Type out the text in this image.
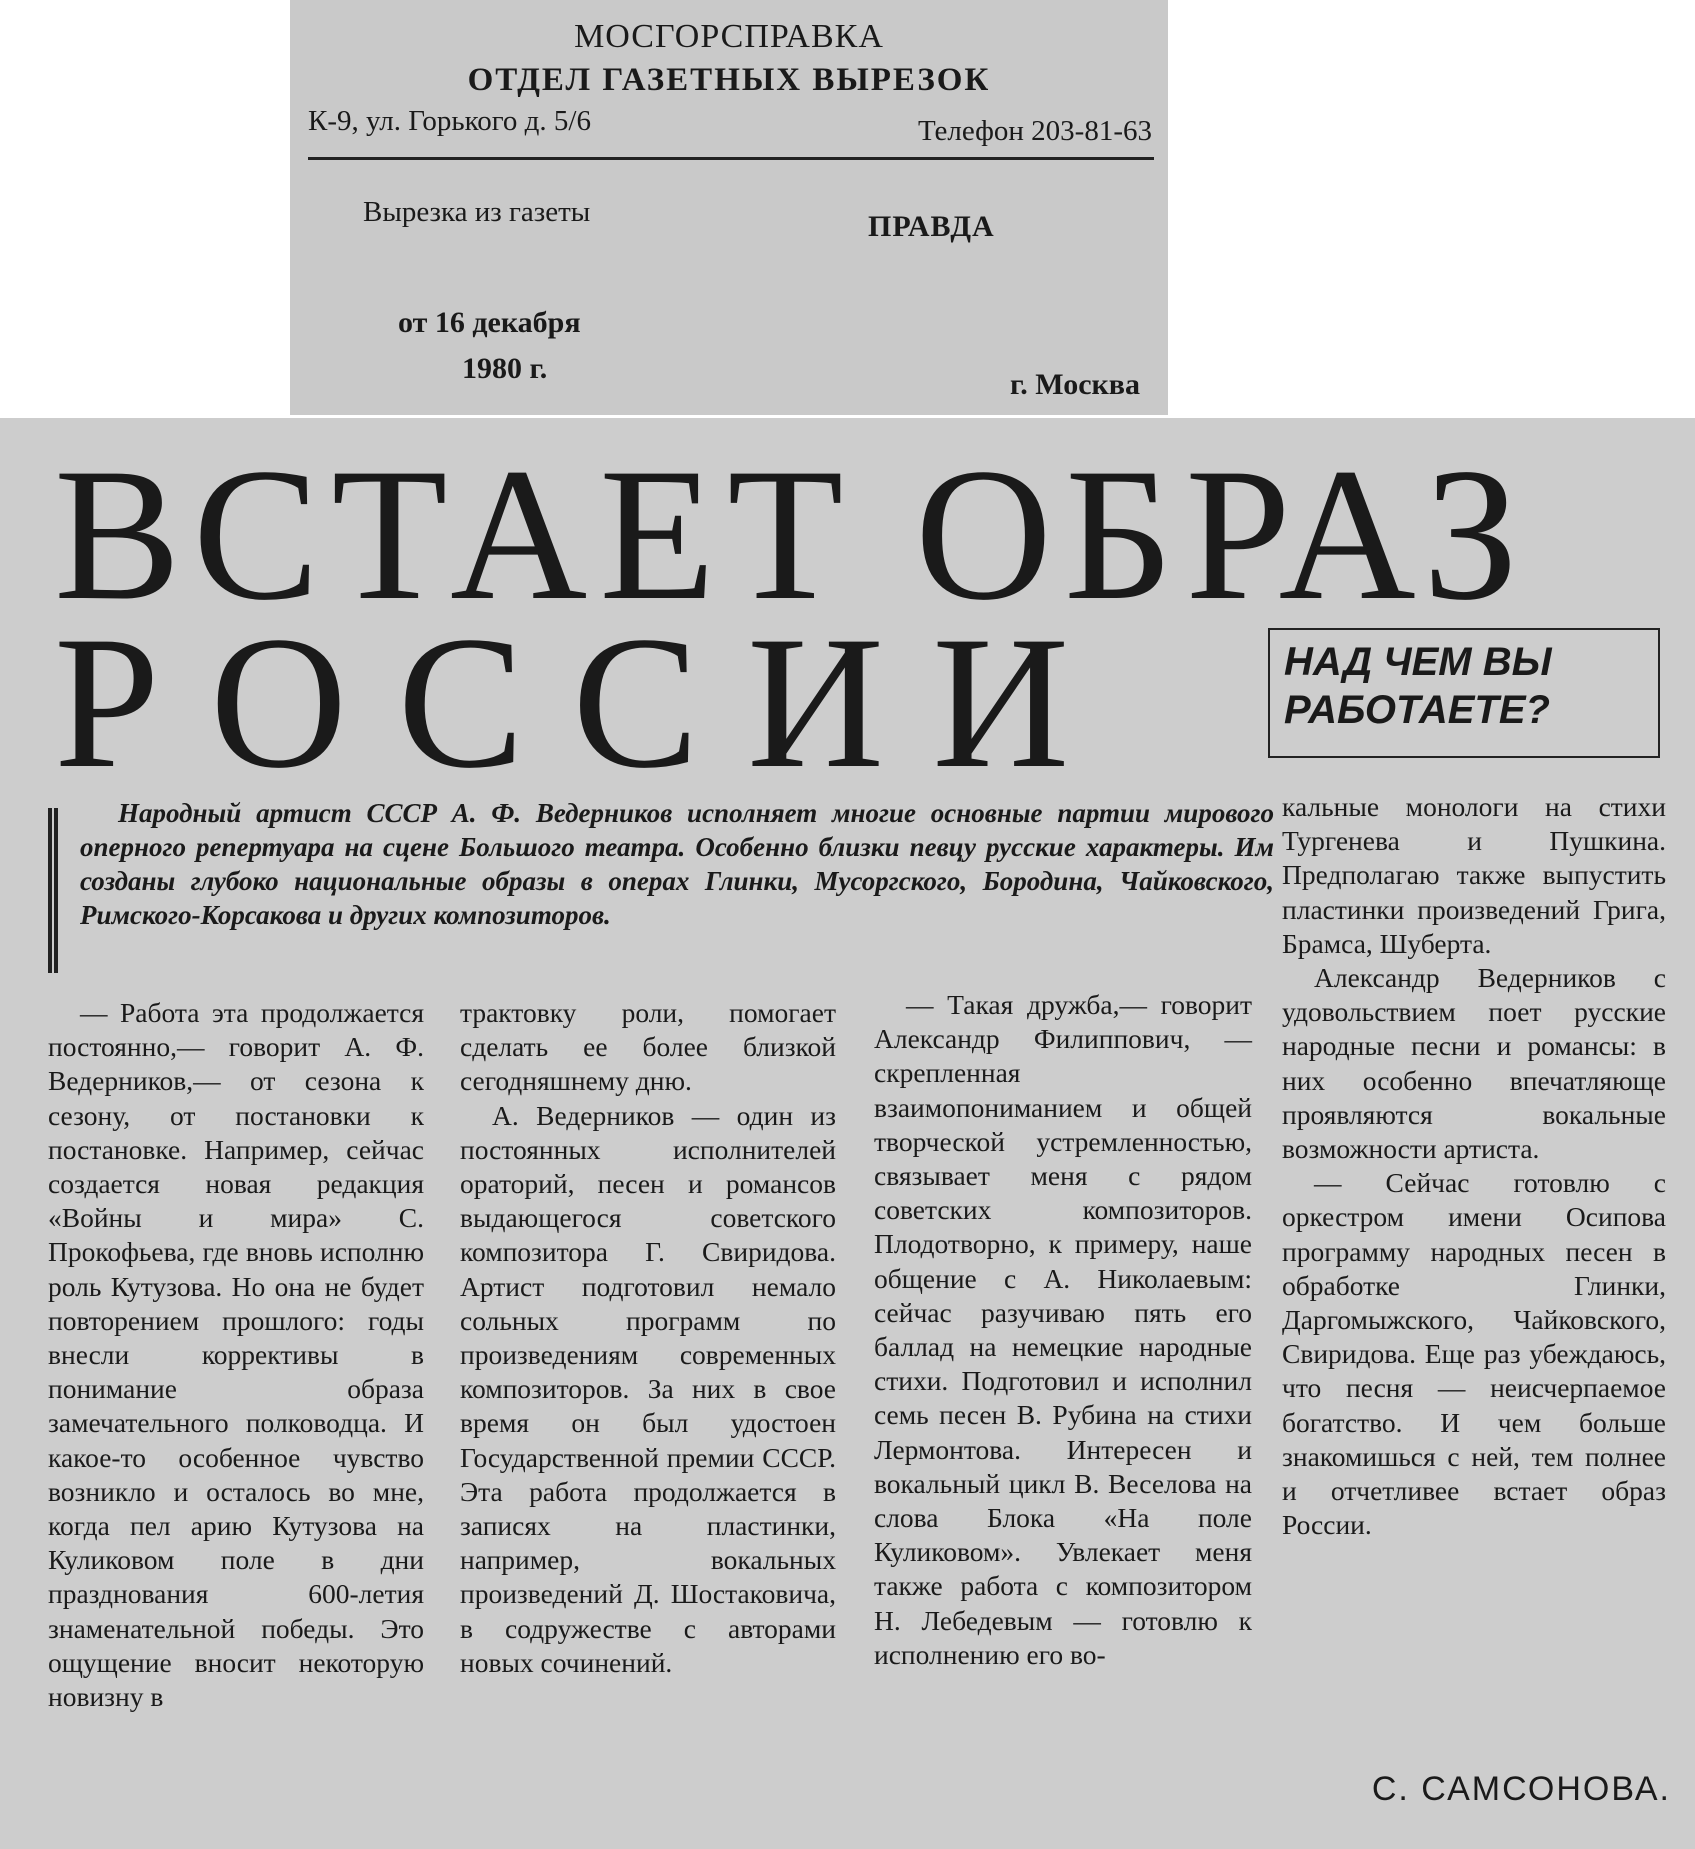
МОСГОРСПРАВКА
ОТДЕЛ ГАЗЕТНЫХ ВЫРЕЗОК
К-9, ул. Горького д. 5/6	Телефон 203-81-63
Вырезка из газеты	ПРАВДА
от 16 декабря
1980 г.	г. Москва
ВСТАЕТ ОБРАЗ
РОССИИ	НАД ЧЕМ ВЫ
РАБОТАЕТЕ?
Народный артист СССР А. Ф. Ведерников исполняет многие основные партии мирового оперного репертуара на сцене Большого театра. Особенно близки певцу русские характеры. Им созданы глубоко национальные образы в операх Глинки, Мусоргского, Бородина, Чайковского, Римского-Корсакова и других композиторов.

— Работа эта продолжается постоянно,— говорит А. Ф. Ведерников,— от сезона к сезону, от постановки к постановке. Например, сейчас создается новая редакция «Войны и мира» С. Прокофьева, где вновь исполню роль Кутузова. Но она не будет повторением прошлого: годы внесли коррективы в понимание образа замечательного полководца. И какое-то особенное чувство возникло и осталось во мне, когда пел арию Кутузова на Куликовом поле в дни празднования 600-летия знаменательной победы. Это ощущение вносит некоторую новизну в

трактовку роли, помогает сделать ее более близкой сегодняшнему дню.

А. Ведерников — один из постоянных исполнителей ораторий, песен и романсов выдающегося советского композитора Г. Свиридова. Артист подготовил немало сольных программ по произведениям современных композиторов. За них в свое время он был удостоен Государственной премии СССР. Эта работа продолжается в записях на пластинки, например, вокальных произведений Д. Шостаковича, в содружестве с авторами новых сочинений.

— Такая дружба,— говорит Александр Филиппович, — скрепленная взаимопониманием и общей творческой устремленностью, связывает меня с рядом советских композиторов. Плодотворно, к примеру, наше общение с А. Николаевым: сейчас разучиваю пять его баллад на немецкие народные стихи. Подготовил и исполнил семь песен В. Рубина на стихи Лермонтова. Интересен и вокальный цикл В. Веселова на слова Блока «На поле Куликовом». Увлекает меня также работа с композитором Н. Лебедевым — готовлю к исполнению его во-

кальные монологи на стихи Тургенева и Пушкина. Предполагаю также выпустить пластинки произведений Грига, Брамса, Шуберта.

Александр Ведерников с удовольствием поет русские народные песни и романсы: в них особенно впечатляюще проявляются вокальные возможности артиста.

— Сейчас готовлю с оркестром имени Осипова программу народных песен в обработке Глинки, Даргомыжского, Чайковского, Свиридова. Еще раз убеждаюсь, что песня — неисчерпаемое богатство. И чем больше знакомишься с ней, тем полнее и отчетливее встает образ России.

С. САМСОНОВА.
